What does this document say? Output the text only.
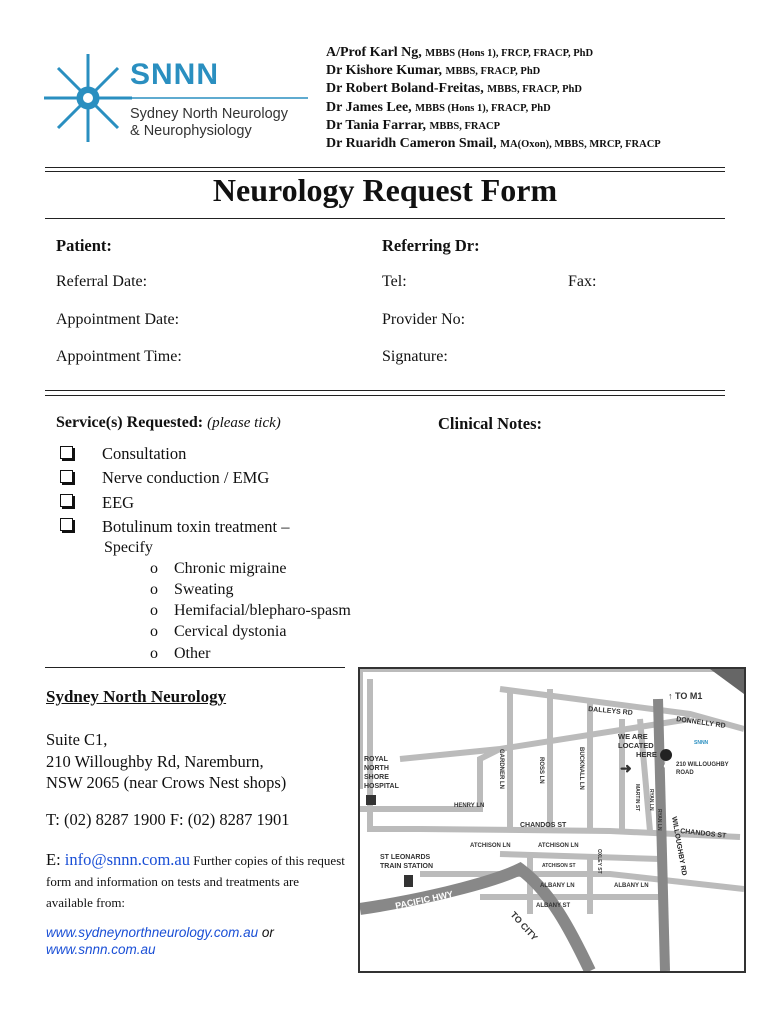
SNNN
Sydney North Neurology
& Neurophysiology
A/Prof Karl Ng, MBBS (Hons 1), FRCP, FRACP, PhD
Dr Kishore Kumar, MBBS, FRACP, PhD
Dr Robert Boland-Freitas, MBBS, FRACP, PhD
Dr James Lee, MBBS (Hons 1), FRACP, PhD
Dr Tania Farrar, MBBS, FRACP
Dr Ruaridh Cameron Smail, MA(Oxon), MBBS, MRCP, FRACP
Neurology Request Form
Patient:	Referring Dr:
Referral Date:	Tel:	Fax:
Appointment Date:	Provider No:
Appointment Time:	Signature:
Service(s) Requested: (please tick)	Clinical Notes:
Consultation
Nerve conduction / EMG
EEG
Botulinum toxin treatment –
Specify
o Chronic migraine
o Sweating
o Hemifacial/blepharo-spasm
o Cervical dystonia
o Other
Sydney North Neurology
Suite C1,
210 Willoughby Rd, Naremburn,
NSW 2065 (near Crows Nest shops)
T: (02) 8287 1900 F: (02) 8287 1901
E: info@snnn.com.au Further copies of this request form and information on tests and treatments are available from:
www.sydneynorthneurology.com.au or
www.snnn.com.au
M1
↑ TO M1
DALLEYS RD
DONNELLY RD
GARDNER LN	ROSS LN	BUCKNALL LN
MARTIN ST RYAN LN
HENRY LN
CHANDOS ST
CHANDOS ST
ATCHISON LN	ATCHISON LN
ATCHISON ST	OXLEY ST
RYAN LN
ALBANY LN	ALBANY LN
ALBANY ST
PACIFIC HWY
TO CITY
WILLOUGHBY RD
ROYAL
NORTH
SHORE
HOSPITAL
ST LEONARDS
TRAIN STATION
WE ARE
LOCATED
HERE
➜
SNNN
210 WILLOUGHBY
ROAD
